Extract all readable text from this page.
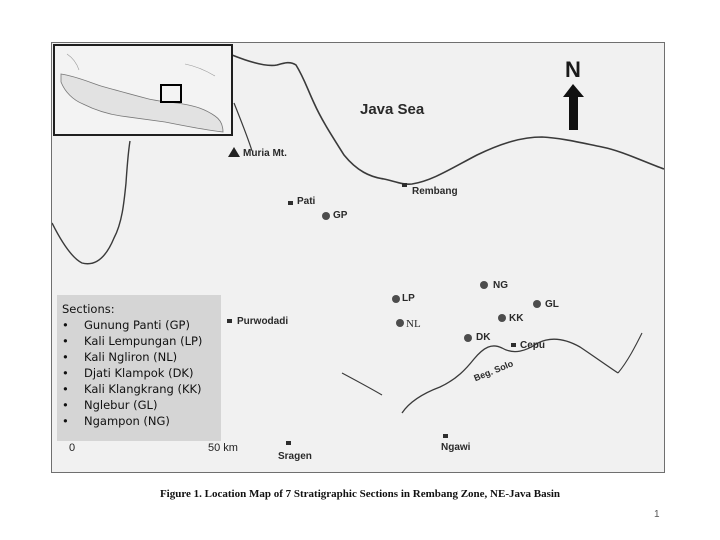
Java Sea
N
Muria Mt.
Pati
Rembang
Purwodadi
Cepu
Sragen
Ngawi
Beg. Solo
GP
LP
NL
NG
GL
KK
DK
Sections:
•	Gunung Panti (GP)
•	Kali Lempungan (LP)
•	Kali Ngliron (NL)
•	Djati Klampok (DK)
•	Kali Klangkrang (KK)
•	Nglebur (GL)
•	Ngampon (NG)
0	50 km
Figure 1. Location Map of 7 Stratigraphic Sections in Rembang Zone, NE-Java Basin
1
